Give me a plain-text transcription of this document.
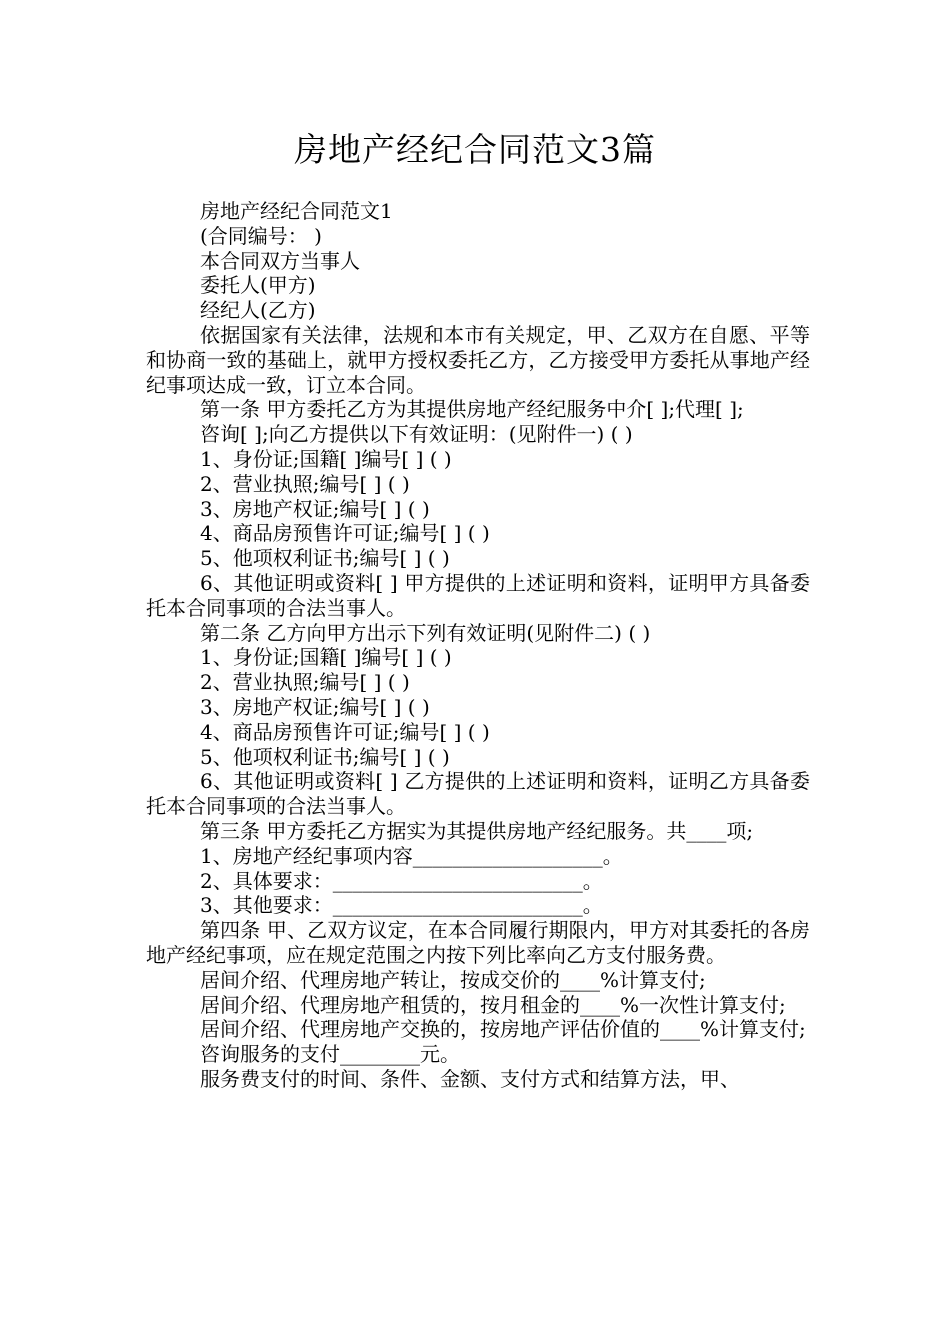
房地产经纪合同范文3篇

房地产经纪合同范文1

(合同编号： )

本合同双方当事人

委托人(甲方)

经纪人(乙方)

依据国家有关法律，法规和本市有关规定，甲、乙双方在自愿、平等和协商一致的基础上，就甲方授权委托乙方，乙方接受甲方委托从事地产经纪事项达成一致，订立本合同。

第一条 甲方委托乙方为其提供房地产经纪服务中介[ ];代理[ ];

咨询[ ];向乙方提供以下有效证明：(见附件一) ( )

1、身份证;国籍[ ]编号[ ] ( )

2、营业执照;编号[ ] ( )

3、房地产权证;编号[ ] ( )

4、商品房预售许可证;编号[ ] ( )

5、他项权利证书;编号[ ] ( )

6、其他证明或资料[ ] 甲方提供的上述证明和资料，证明甲方具备委托本合同事项的合法当事人。

第二条 乙方向甲方出示下列有效证明(见附件二) ( )

1、身份证;国籍[ ]编号[ ] ( )

2、营业执照;编号[ ] ( )

3、房地产权证;编号[ ] ( )

4、商品房预售许可证;编号[ ] ( )

5、他项权利证书;编号[ ] ( )

6、其他证明或资料[ ] 乙方提供的上述证明和资料，证明乙方具备委托本合同事项的合法当事人。

第三条 甲方委托乙方据实为其提供房地产经纪服务。共____项;

1、房地产经纪事项内容___________________。

2、具体要求：_________________________。

3、其他要求：_________________________。

第四条 甲、乙双方议定，在本合同履行期限内，甲方对其委托的各房地产经纪事项，应在规定范围之内按下列比率向乙方支付服务费。

居间介绍、代理房地产转让，按成交价的____%计算支付;

居间介绍、代理房地产租赁的，按月租金的____%一次性计算支付;

居间介绍、代理房地产交换的，按房地产评估价值的____%计算支付;

咨询服务的支付________元。

服务费支付的时间、条件、金额、支付方式和结算方法，甲、
